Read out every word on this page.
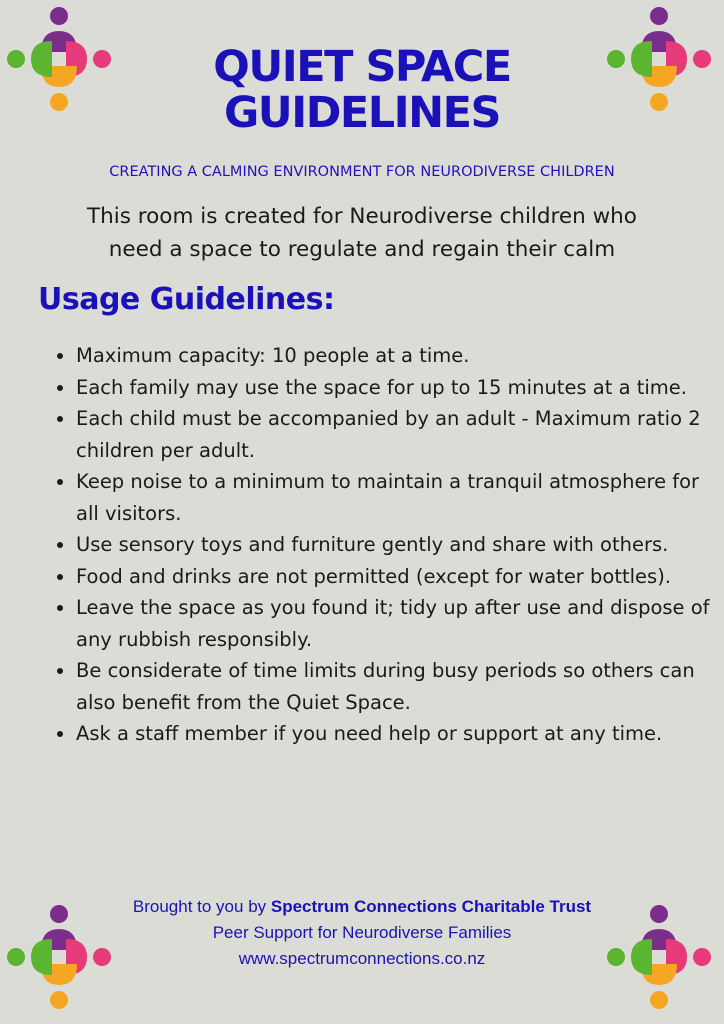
QUIET SPACE
GUIDELINES
CREATING A CALMING ENVIRONMENT FOR NEURODIVERSE CHILDREN
This room is created for Neurodiverse children who
need a space to regulate and regain their calm
Usage Guidelines:
• Maximum capacity: 10 people at a time.
• Each family may use the space for up to 15 minutes at a time.
• Each child must be accompanied by an adult - Maximum ratio 2 children per adult.
• Keep noise to a minimum to maintain a tranquil atmosphere for all visitors.
• Use sensory toys and furniture gently and share with others.
• Food and drinks are not permitted (except for water bottles).
• Leave the space as you found it; tidy up after use and dispose of any rubbish responsibly.
• Be considerate of time limits during busy periods so others can also benefit from the Quiet Space.
• Ask a staff member if you need help or support at any time.
Brought to you by Spectrum Connections Charitable Trust
Peer Support for Neurodiverse Families
www.spectrumconnections.co.nz
